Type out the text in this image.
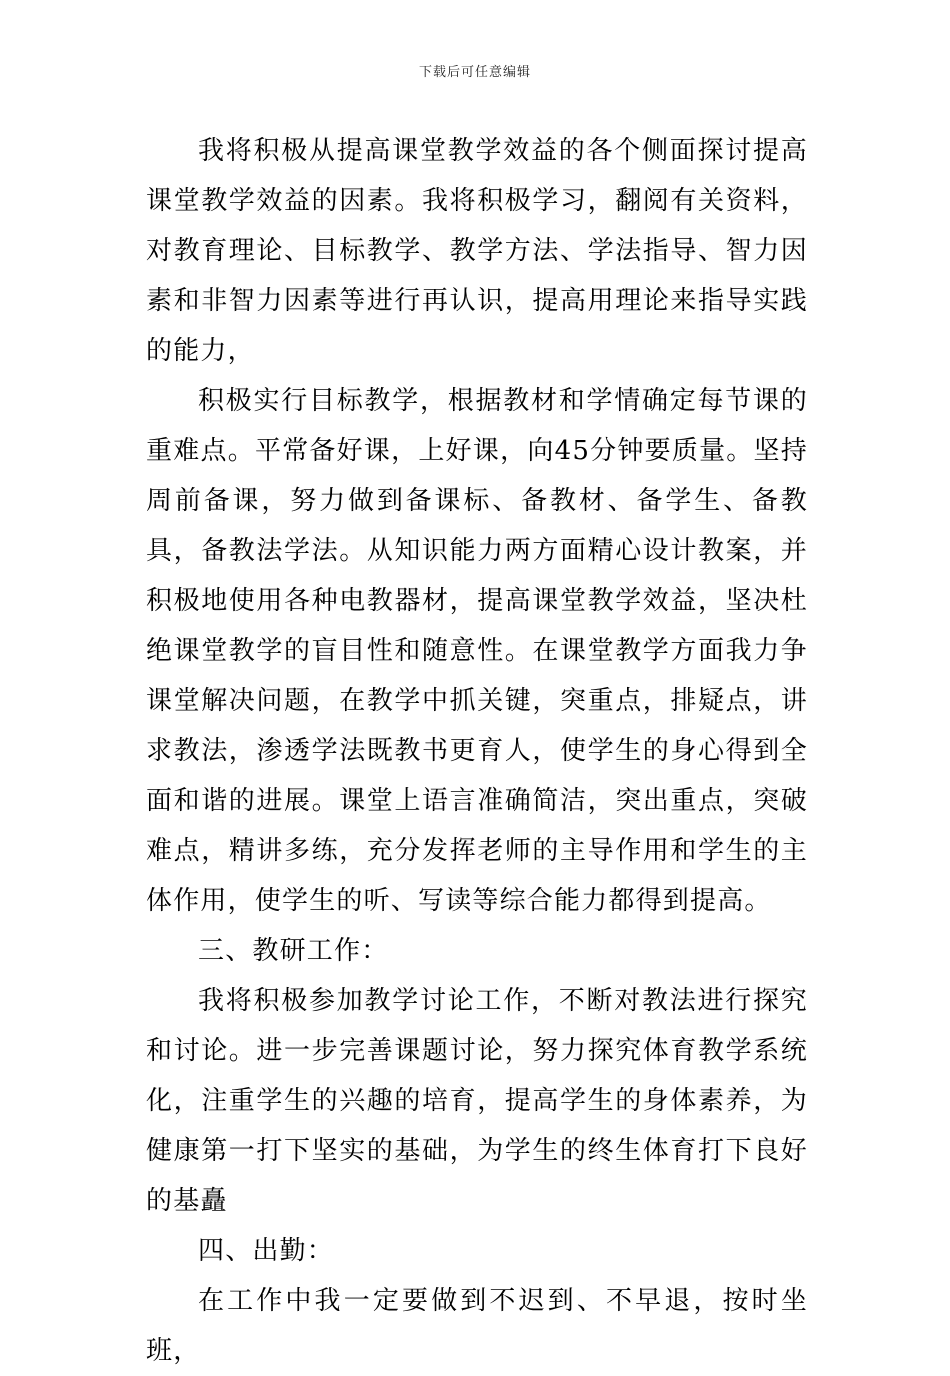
下载后可任意编辑

我将积极从提高课堂教学效益的各个侧面探讨提高课堂教学效益的因素。我将积极学习，翻阅有关资料，对教育理论、目标教学、教学方法、学法指导、智力因素和非智力因素等进行再认识，提高用理论来指导实践的能力，

积极实行目标教学，根据教材和学情确定每节课的重难点。平常备好课，上好课，向45分钟要质量。坚持周前备课，努力做到备课标、备教材、备学生、备教具，备教法学法。从知识能力两方面精心设计教案，并积极地使用各种电教器材，提高课堂教学效益，坚决杜绝课堂教学的盲目性和随意性。在课堂教学方面我力争课堂解决问题，在教学中抓关键，突重点，排疑点，讲求教法，渗透学法既教书更育人，使学生的身心得到全面和谐的进展。课堂上语言准确简洁，突出重点，突破难点，精讲多练，充分发挥老师的主导作用和学生的主体作用，使学生的听、写读等综合能力都得到提高。

三、教研工作：

我将积极参加教学讨论工作，不断对教法进行探究和讨论。进一步完善课题讨论，努力探究体育教学系统化，注重学生的兴趣的培育，提高学生的身体素养，为健康第一打下坚实的基础，为学生的终生体育打下良好的基矗

四、出勤：

在工作中我一定要做到不迟到、不早退，按时坐班，
